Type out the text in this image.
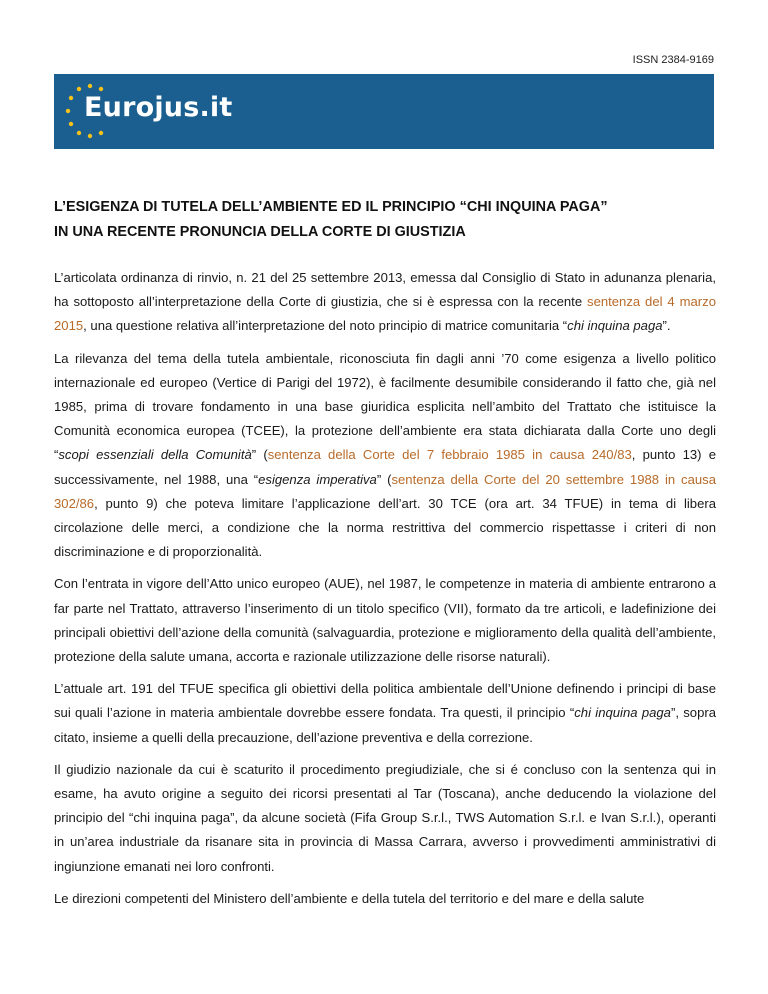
ISSN 2384-9169
Eurojus.it
L’ESIGENZA DI TUTELA DELL’AMBIENTE ED IL PRINCIPIO “CHI INQUINA PAGA”
IN UNA RECENTE PRONUNCIA DELLA CORTE DI GIUSTIZIA

L’articolata ordinanza di rinvio, n. 21 del 25 settembre 2013, emessa dal Consiglio di Stato in adunanza plenaria, ha sottoposto all’interpretazione della Corte di giustizia, che si è espressa con la recente sentenza del 4 marzo 2015, una questione relativa all’interpretazione del noto principio di matrice comunitaria “chi inquina paga”.

La rilevanza del tema della tutela ambientale, riconosciuta fin dagli anni ’70 come esigenza a livello politico internazionale ed europeo (Vertice di Parigi del 1972), è facilmente desumibile considerando il fatto che, già nel 1985, prima di trovare fondamento in una base giuridica esplicita nell’ambito del Trattato che istituisce la Comunità economica europea (TCEE), la protezione dell’ambiente era stata dichiarata dalla Corte uno degli “scopi essenziali della Comunità” (sentenza della Corte del 7 febbraio 1985 in causa 240/83, punto 13) e successivamente, nel 1988, una “esigenza imperativa” (sentenza della Corte del 20 settembre 1988 in causa 302/86, punto 9) che poteva limitare l’applicazione dell’art. 30 TCE (ora art. 34 TFUE) in tema di libera circolazione delle merci, a condizione che la norma restrittiva del commercio rispettasse i criteri di non discriminazione e di proporzionalità.

Con l’entrata in vigore dell’Atto unico europeo (AUE), nel 1987, le competenze in materia di ambiente entrarono a far parte nel Trattato, attraverso l’inserimento di un titolo specifico (VII), formato da tre articoli, e ladefinizione dei principali obiettivi dell’azione della comunità (salvaguardia, protezione e miglioramento della qualità dell’ambiente, protezione della salute umana, accorta e razionale utilizzazione delle risorse naturali).

L’attuale art. 191 del TFUE specifica gli obiettivi della politica ambientale dell’Unione definendo i principi di base sui quali l’azione in materia ambientale dovrebbe essere fondata. Tra questi, il principio “chi inquina paga”, sopra citato, insieme a quelli della precauzione, dell’azione preventiva e della correzione.

Il giudizio nazionale da cui è scaturito il procedimento pregiudiziale, che si é concluso con la sentenza qui in esame, ha avuto origine a seguito dei ricorsi presentati al Tar (Toscana), anche deducendo la violazione del principio del “chi inquina paga”, da alcune società (Fifa Group S.r.l., TWS Automation S.r.l. e Ivan S.r.l.), operanti in un’area industriale da risanare sita in provincia di Massa Carrara, avverso i provvedimenti amministrativi di ingiunzione emanati nei loro confronti.

Le direzioni competenti del Ministero dell’ambiente e della tutela del territorio e del mare e della salute
